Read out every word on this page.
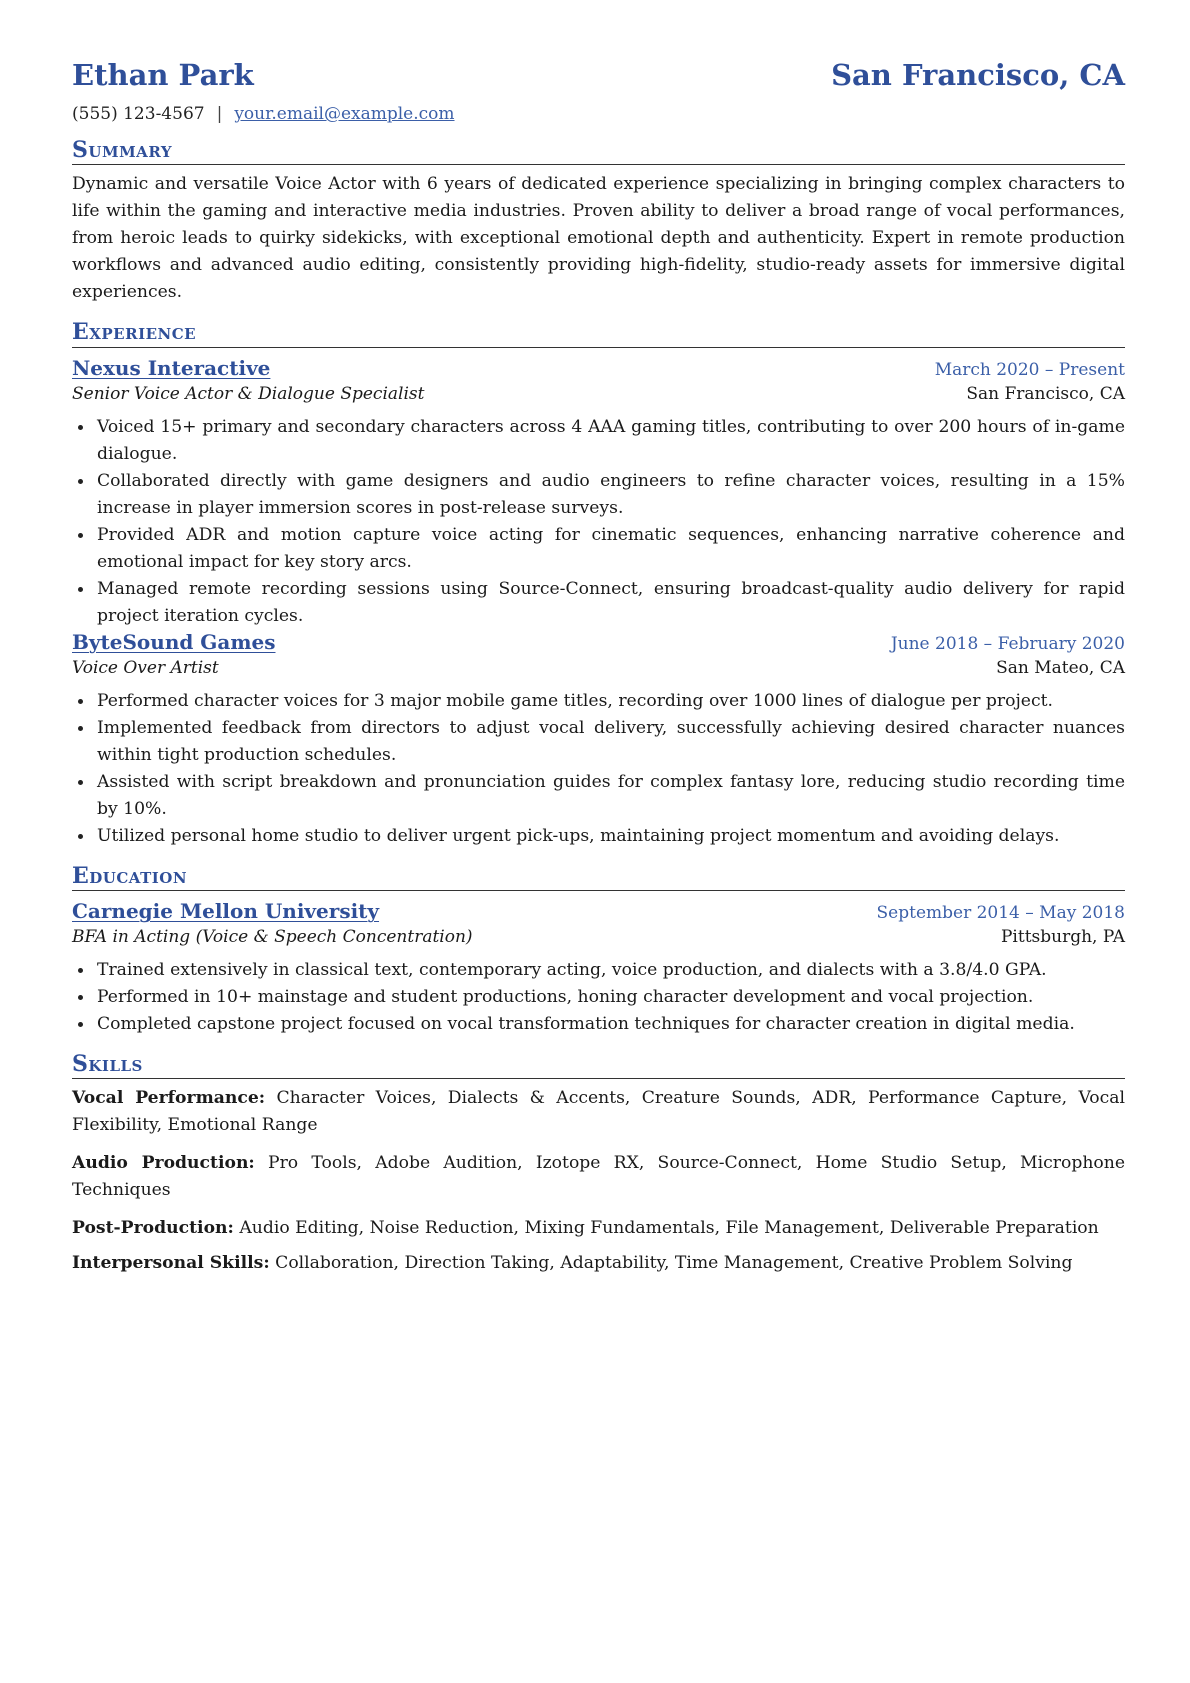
Ethan Park	San Francisco, CA
(555) 123-4567 | your.email@example.com
Summary
Dynamic and versatile Voice Actor with 6 years of dedicated experience specializing in bringing complex characters to life within the gaming and interactive media industries. Proven ability to deliver a broad range of vocal performances, from heroic leads to quirky sidekicks, with exceptional emotional depth and authenticity. Expert in remote production workflows and advanced audio editing, consistently providing high-fidelity, studio-ready assets for immersive digital experiences.
Experience
Nexus Interactive	March 2020 – Present
Senior Voice Actor & Dialogue Specialist	San Francisco, CA
Voiced 15+ primary and secondary characters across 4 AAA gaming titles, contributing to over 200 hours of in-game dialogue.
Collaborated directly with game designers and audio engineers to refine character voices, resulting in a 15% increase in player immersion scores in post-release surveys.
Provided ADR and motion capture voice acting for cinematic sequences, enhancing narrative coherence and emotional impact for key story arcs.
Managed remote recording sessions using Source-Connect, ensuring broadcast-quality audio delivery for rapid project iteration cycles.
ByteSound Games	June 2018 – February 2020
Voice Over Artist	San Mateo, CA
Performed character voices for 3 major mobile game titles, recording over 1000 lines of dialogue per project.
Implemented feedback from directors to adjust vocal delivery, successfully achieving desired character nuances within tight production schedules.
Assisted with script breakdown and pronunciation guides for complex fantasy lore, reducing studio recording time by 10%.
Utilized personal home studio to deliver urgent pick-ups, maintaining project momentum and avoiding delays.
Education
Carnegie Mellon University	September 2014 – May 2018
BFA in Acting (Voice & Speech Concentration)	Pittsburgh, PA
Trained extensively in classical text, contemporary acting, voice production, and dialects with a 3.8/4.0 GPA.
Performed in 10+ mainstage and student productions, honing character development and vocal projection.
Completed capstone project focused on vocal transformation techniques for character creation in digital media.
Skills
Vocal Performance: Character Voices, Dialects & Accents, Creature Sounds, ADR, Performance Capture, Vocal Flexibility, Emotional Range
Audio Production: Pro Tools, Adobe Audition, Izotope RX, Source-Connect, Home Studio Setup, Microphone Techniques
Post-Production: Audio Editing, Noise Reduction, Mixing Fundamentals, File Management, Deliverable Preparation
Interpersonal Skills: Collaboration, Direction Taking, Adaptability, Time Management, Creative Problem Solving
